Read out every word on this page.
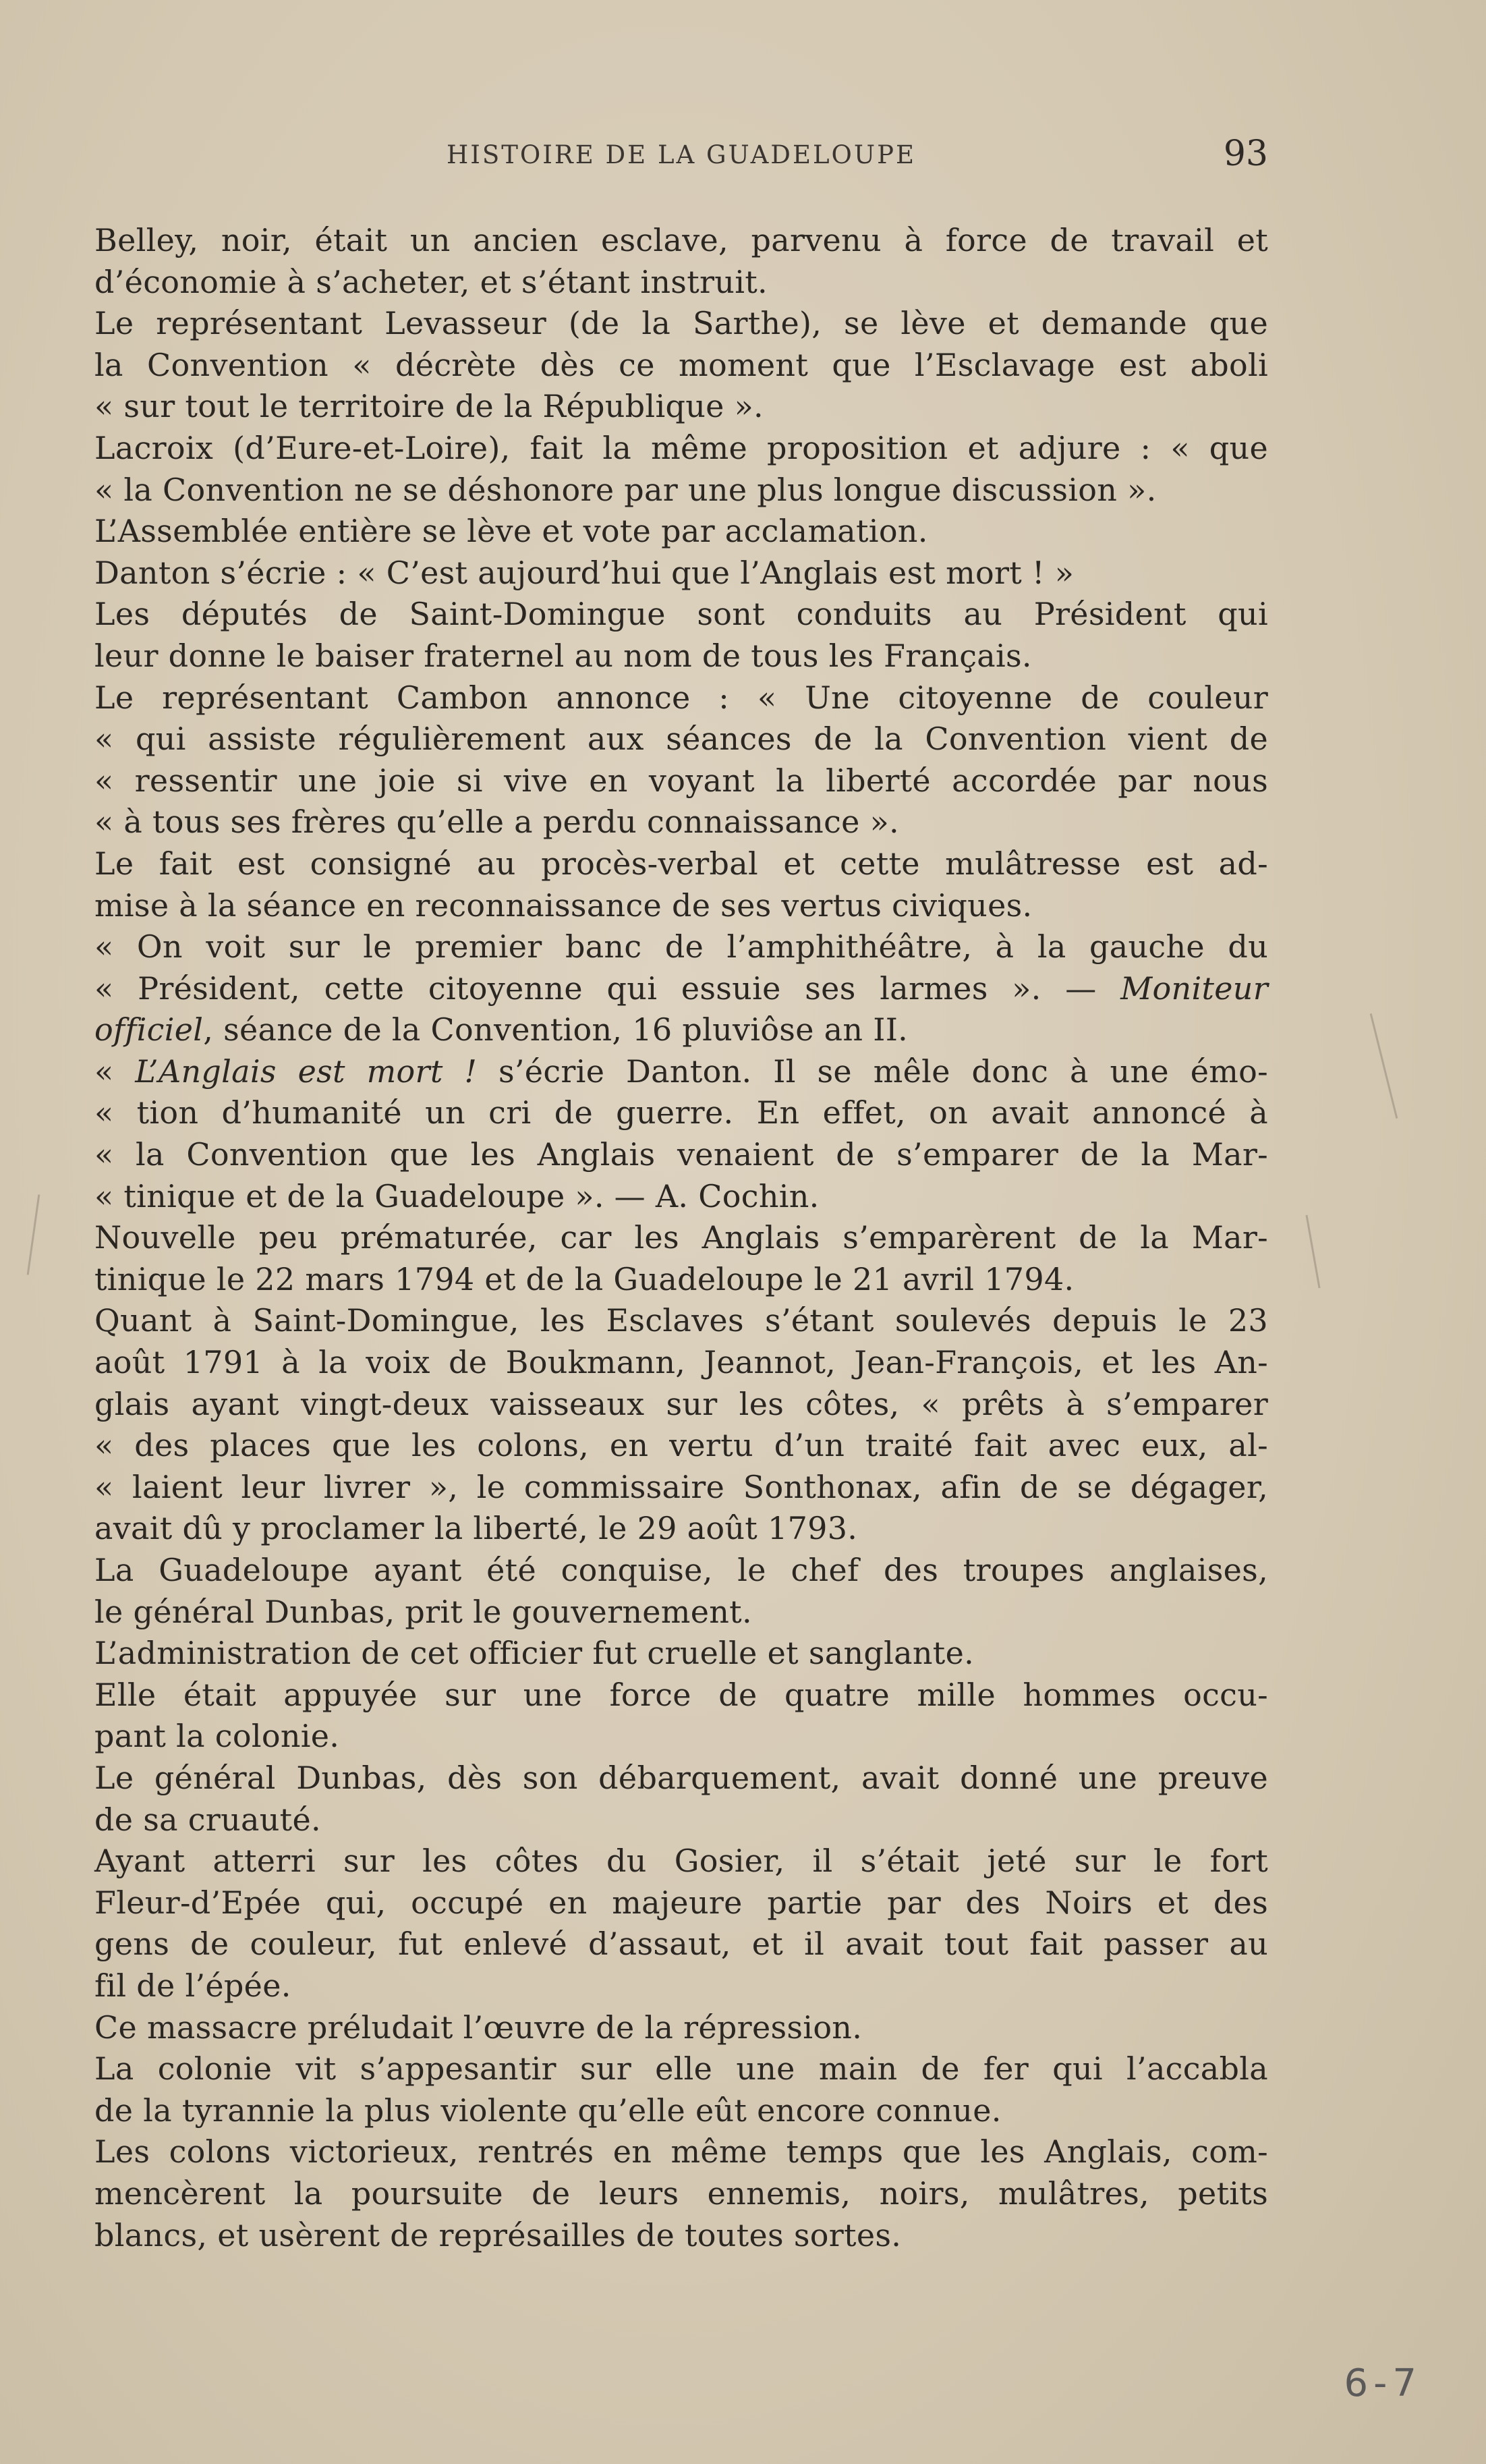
HISTOIRE DE LA GUADELOUPE	93
Belley, noir, était un ancien esclave, parvenu à force de travail et
d’économie à s’acheter, et s’étant instruit.
Le représentant Levasseur (de la Sarthe), se lève et demande que
la Convention « décrète dès ce moment que l’Esclavage est aboli
« sur tout le territoire de la République ».
Lacroix (d’Eure-et-Loire), fait la même proposition et adjure : « que
« la Convention ne se déshonore par une plus longue discussion ».
L’Assemblée entière se lève et vote par acclamation.
Danton s’écrie : « C’est aujourd’hui que l’Anglais est mort ! »
Les députés de Saint-Domingue sont conduits au Président qui
leur donne le baiser fraternel au nom de tous les Français.
Le représentant Cambon annonce : « Une citoyenne de couleur
« qui assiste régulièrement aux séances de la Convention vient de
« ressentir une joie si vive en voyant la liberté accordée par nous
« à tous ses frères qu’elle a perdu connaissance ».
Le fait est consigné au procès-verbal et cette mulâtresse est ad-
mise à la séance en reconnaissance de ses vertus civiques.
« On voit sur le premier banc de l’amphithéâtre, à la gauche du
« Président, cette citoyenne qui essuie ses larmes ». — Moniteur
officiel, séance de la Convention, 16 pluviôse an II.
« L’Anglais est mort ! s’écrie Danton. Il se mêle donc à une émo-
« tion d’humanité un cri de guerre. En effet, on avait annoncé à
« la Convention que les Anglais venaient de s’emparer de la Mar-
« tinique et de la Guadeloupe ». — A. Cochin.
Nouvelle peu prématurée, car les Anglais s’emparèrent de la Mar-
tinique le 22 mars 1794 et de la Guadeloupe le 21 avril 1794.
Quant à Saint-Domingue, les Esclaves s’étant soulevés depuis le 23
août 1791 à la voix de Boukmann, Jeannot, Jean-François, et les An-
glais ayant vingt-deux vaisseaux sur les côtes, « prêts à s’emparer
« des places que les colons, en vertu d’un traité fait avec eux, al-
« laient leur livrer », le commissaire Sonthonax, afin de se dégager,
avait dû y proclamer la liberté, le 29 août 1793.
La Guadeloupe ayant été conquise, le chef des troupes anglaises,
le général Dunbas, prit le gouvernement.
L’administration de cet officier fut cruelle et sanglante.
Elle était appuyée sur une force de quatre mille hommes occu-
pant la colonie.
Le général Dunbas, dès son débarquement, avait donné une preuve
de sa cruauté.
Ayant atterri sur les côtes du Gosier, il s’était jeté sur le fort
Fleur-d’Epée qui, occupé en majeure partie par des Noirs et des
gens de couleur, fut enlevé d’assaut, et il avait tout fait passer au
fil de l’épée.
Ce massacre préludait l’œuvre de la répression.
La colonie vit s’appesantir sur elle une main de fer qui l’accabla
de la tyrannie la plus violente qu’elle eût encore connue.
Les colons victorieux, rentrés en même temps que les Anglais, com-
mencèrent la poursuite de leurs ennemis, noirs, mulâtres, petits
blancs, et usèrent de représailles de toutes sortes.
6-7
